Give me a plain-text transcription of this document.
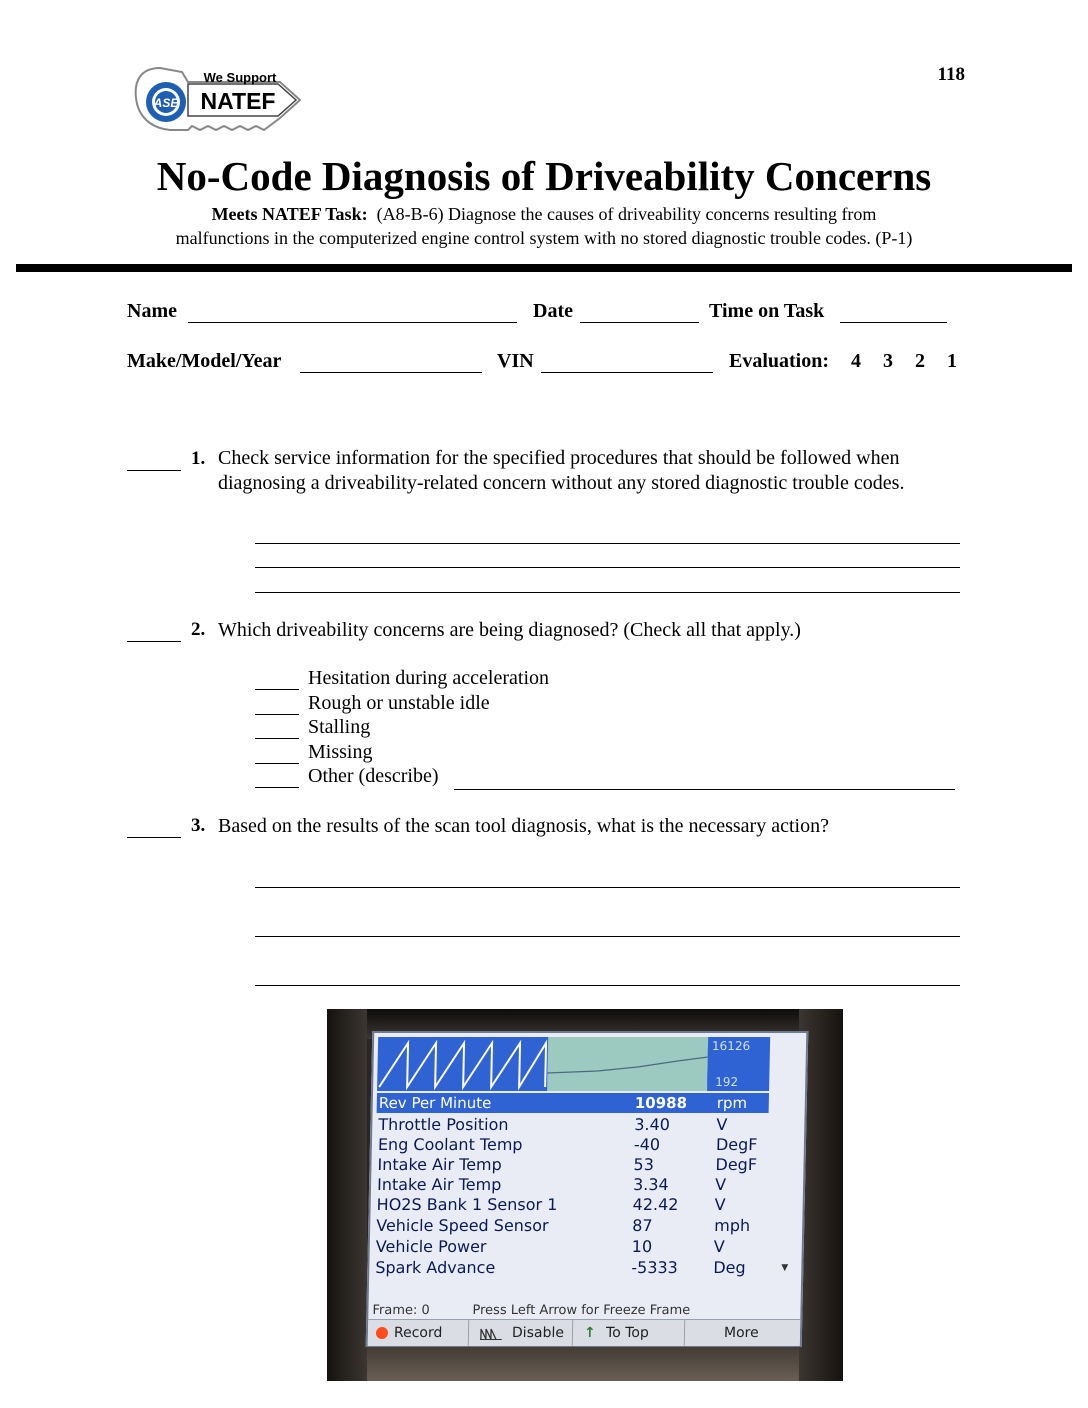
118
ASE
We Support
NATEF
No-Code Diagnosis of Driveability Concerns
Meets NATEF Task: (A8-B-6) Diagnose the causes of driveability concerns resulting from
malfunctions in the computerized engine control system with no stored diagnostic trouble codes. (P-1)
Name	Date	Time on Task
Make/Model/Year	VIN	Evaluation: 4 3 2 1
1. Check service information for the specified procedures that should be followed when
diagnosing a driveability-related concern without any stored diagnostic trouble codes.
2. Which driveability concerns are being diagnosed? (Check all that apply.)
Hesitation during acceleration
Rough or unstable idle
Stalling
Missing
Other (describe)
3. Based on the results of the scan tool diagnosis, what is the necessary action?
16126
192
Rev Per Minute	10988 rpm
Throttle Position	3.40	V
Eng Coolant Temp	-40	DegF
Intake Air Temp	53	DegF
Intake Air Temp	3.34	V
HO2S Bank 1 Sensor 1	42.42 V
Vehicle Speed Sensor	87	mph
Vehicle Power	10	V
Spark Advance	-5333 Deg	▼
Frame: 0	Press Left Arrow for Freeze Frame
Record	Disable ↑ To Top	More
